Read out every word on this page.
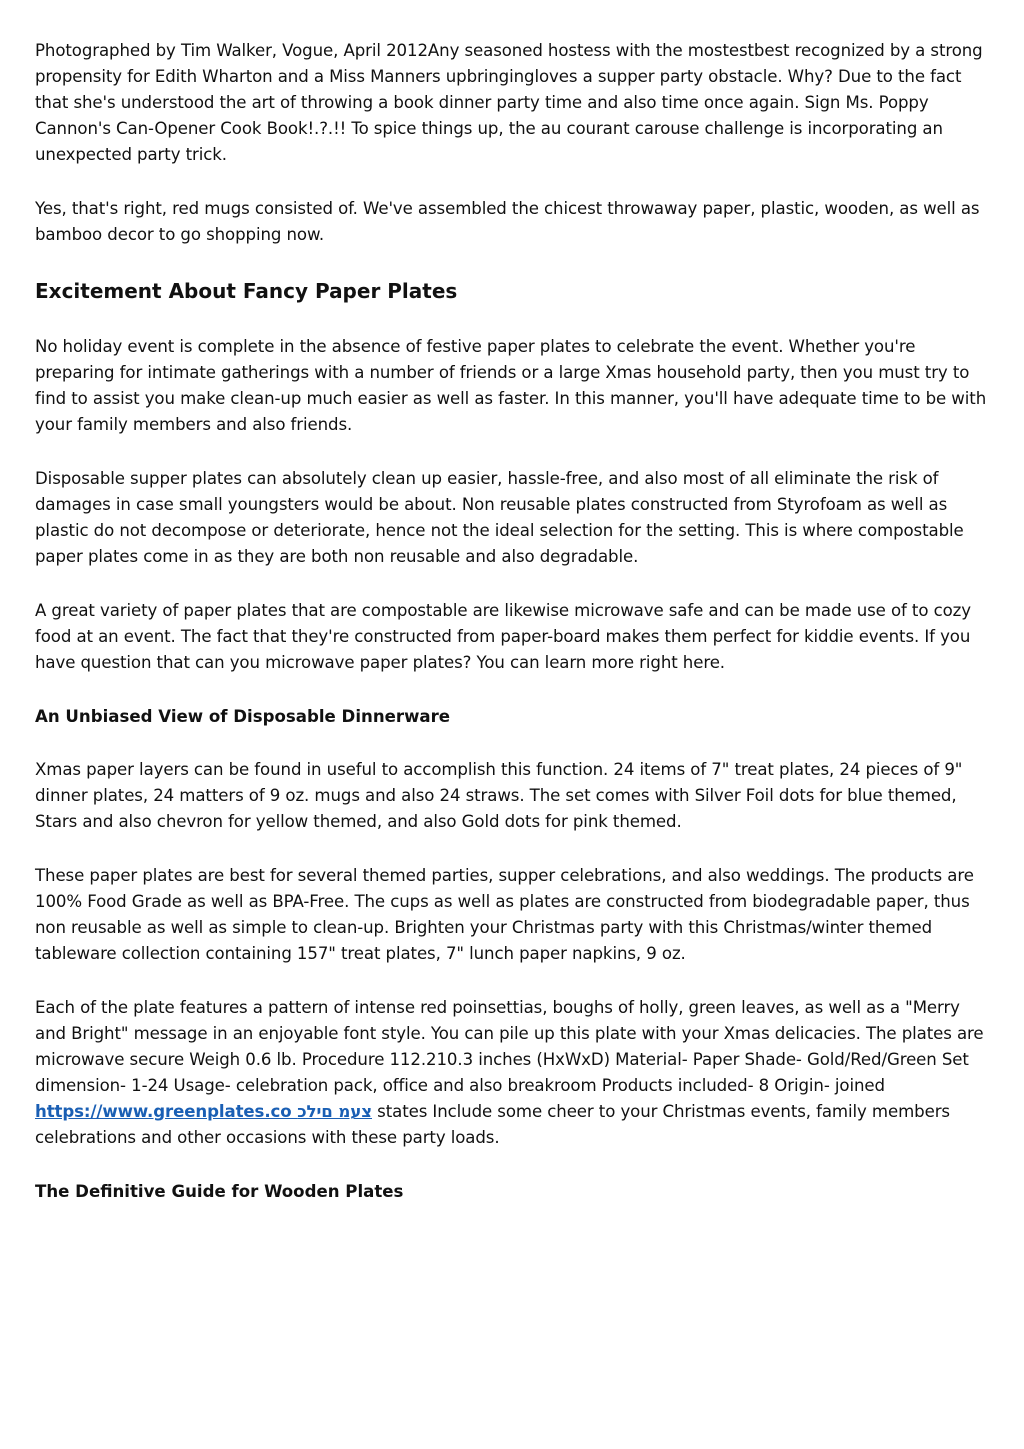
Photographed by Tim Walker, Vogue, April 2012Any seasoned hostess with the mostestbest recognized by a strong propensity for Edith Wharton and a Miss Manners upbringingloves a supper party obstacle. Why? Due to the fact that she's understood the art of throwing a book dinner party time and also time once again. Sign Ms. Poppy Cannon's Can-Opener Cook Book!.?.!! To spice things up, the au courant carouse challenge is incorporating an unexpected party trick.

Yes, that's right, red mugs consisted of. We've assembled the chicest throwaway paper, plastic, wooden, as well as bamboo decor to go shopping now.

Excitement About Fancy Paper Plates

No holiday event is complete in the absence of festive paper plates to celebrate the event. Whether you're preparing for intimate gatherings with a number of friends or a large Xmas household party, then you must try to find to assist you make clean-up much easier as well as faster. In this manner, you'll have adequate time to be with your family members and also friends.

Disposable supper plates can absolutely clean up easier, hassle-free, and also most of all eliminate the risk of damages in case small youngsters would be about. Non reusable plates constructed from Styrofoam as well as plastic do not decompose or deteriorate, hence not the ideal selection for the setting. This is where compostable paper plates come in as they are both non reusable and also degradable.

A great variety of paper plates that are compostable are likewise microwave safe and can be made use of to cozy food at an event. The fact that they're constructed from paper-board makes them perfect for kiddie events. If you have question that can you microwave paper plates? You can learn more right here.

An Unbiased View of Disposable Dinnerware

Xmas paper layers can be found in useful to accomplish this function. 24 items of 7" treat plates, 24 pieces of 9" dinner plates, 24 matters of 9 oz. mugs and also 24 straws. The set comes with Silver Foil dots for blue themed, Stars and also chevron for yellow themed, and also Gold dots for pink themed.

These paper plates are best for several themed parties, supper celebrations, and also weddings. The products are 100% Food Grade as well as BPA-Free. The cups as well as plates are constructed from biodegradable paper, thus non reusable as well as simple to clean-up. Brighten your Christmas party with this Christmas/winter themed tableware collection containing 157" treat plates, 7" lunch paper napkins, 9 oz.

Each of the plate features a pattern of intense red poinsettias, boughs of holly, green leaves, as well as a "Merry and Bright" message in an enjoyable font style. You can pile up this plate with your Xmas delicacies. The plates are microwave secure Weigh 0.6 lb. Procedure 112.210.3 inches (HxWxD) Material- Paper Shade- Gold/Red/Green Set dimension- 1-24 Usage- celebration pack, office and also breakroom Products included- 8 Origin- joined https://www.greenplates.co צעמ םילכ states Include some cheer to your Christmas events, family members celebrations and other occasions with these party loads.

The Definitive Guide for Wooden Plates
